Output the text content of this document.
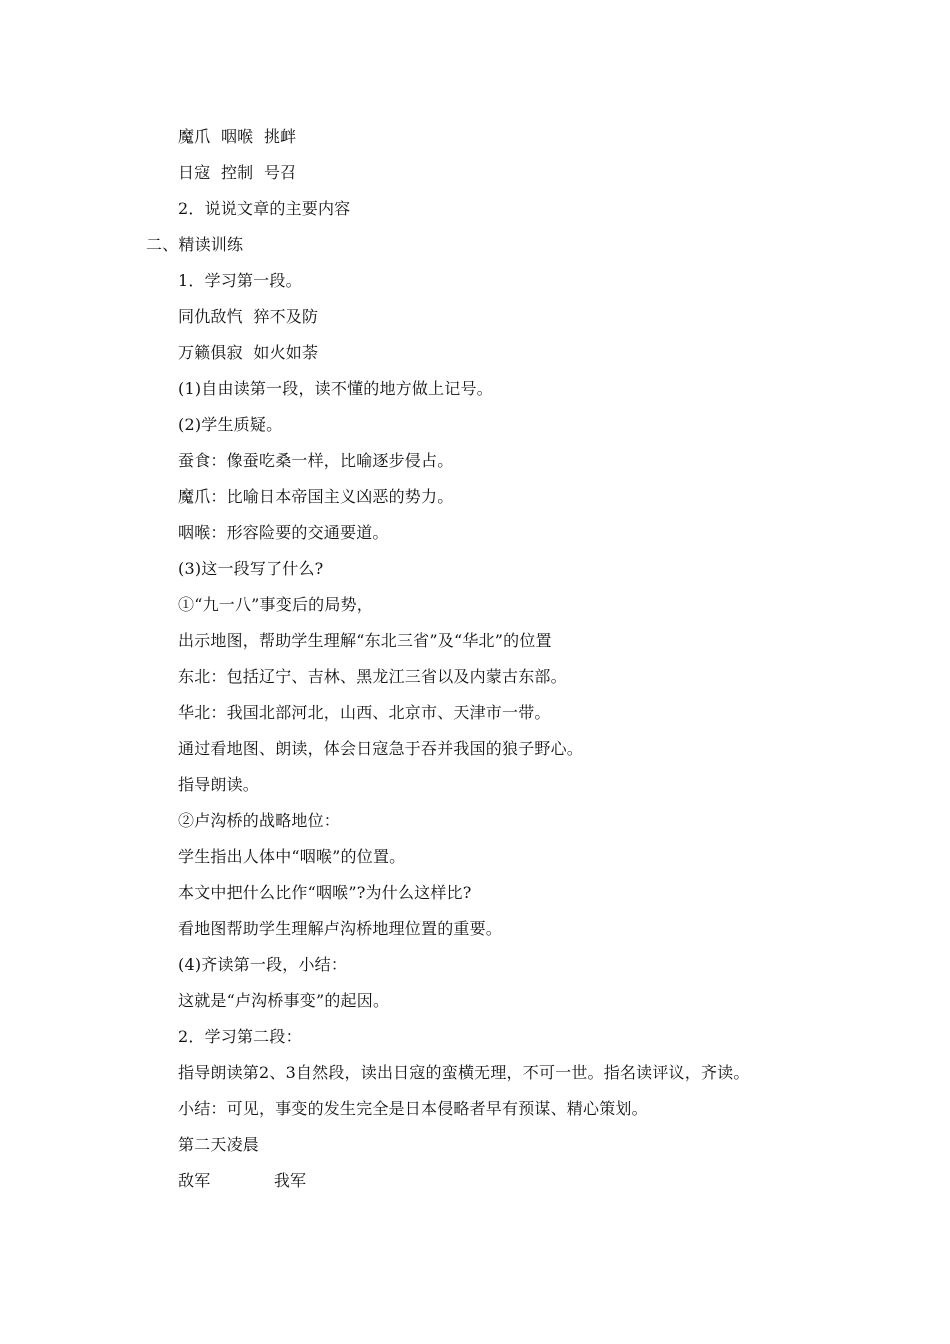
魔爪  咽喉  挑衅
日寇  控制  号召
2．说说文章的主要内容
二、精读训练
1．学习第一段。
同仇敌忾  猝不及防
万籁俱寂  如火如荼
(1)自由读第一段，读不懂的地方做上记号。
(2)学生质疑。
蚕食：像蚕吃桑一样，比喻逐步侵占。
魔爪：比喻日本帝国主义凶恶的势力。
咽喉：形容险要的交通要道。
(3)这一段写了什么?
①“九一八”事变后的局势，
出示地图，帮助学生理解“东北三省”及“华北”的位置
东北：包括辽宁、吉林、黑龙江三省以及内蒙古东部。
华北：我国北部河北，山西、北京市、天津市一带。
通过看地图、朗读，体会日寇急于吞并我国的狼子野心。
指导朗读。
②卢沟桥的战略地位：
学生指出人体中“咽喉”的位置。
本文中把什么比作“咽喉”?为什么这样比?
看地图帮助学生理解卢沟桥地理位置的重要。
(4)齐读第一段，小结：
这就是“卢沟桥事变”的起因。
2．学习第二段：
指导朗读第2、3自然段，读出日寇的蛮横无理，不可一世。指名读评议，齐读。
小结：可见，事变的发生完全是日本侵略者早有预谋、精心策划。
第二天凌晨
敌军            我军
